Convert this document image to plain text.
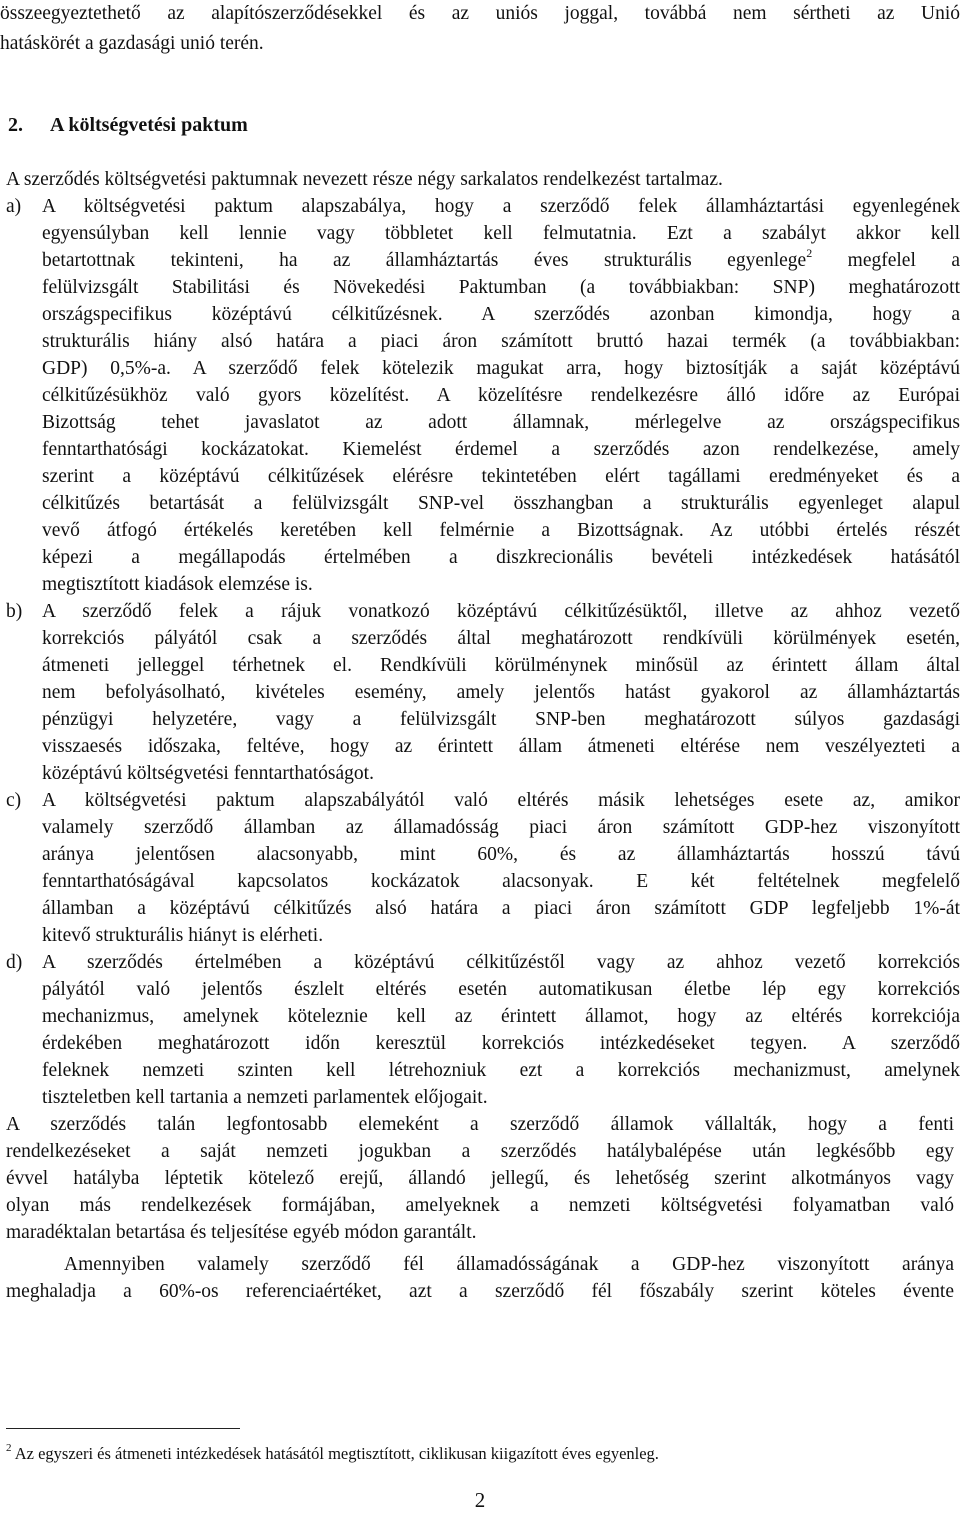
összeegyeztethető az alapítószerződésekkel és az uniós joggal, továbbá nem sértheti az Unió
hatáskörét a gazdasági unió terén.
2. A költségvetési paktum
A szerződés költségvetési paktumnak nevezett része négy sarkalatos rendelkezést tartalmaz.
a) A költségvetési paktum alapszabálya, hogy a szerződő felek államháztartási egyenlegének
egyensúlyban kell lennie vagy többletet kell felmutatnia. Ezt a szabályt akkor kell
betartottnak tekinteni, ha az államháztartás éves strukturális egyenlege$^2$ megfelel a
felülvizsgált Stabilitási és Növekedési Paktumban (a továbbiakban: SNP) meghatározott
országspecifikus középtávú célkitűzésnek. A szerződés azonban kimondja, hogy a
strukturális hiány alsó határa a piaci áron számított bruttó hazai termék (a továbbiakban:
GDP) 0,5%-a. A szerződő felek kötelezik magukat arra, hogy biztosítják a saját középtávú
célkitűzésükhöz való gyors közelítést. A közelítésre rendelkezésre álló időre az Európai
Bizottság tehet javaslatot az adott államnak, mérlegelve az országspecifikus
fenntarthatósági kockázatokat. Kiemelést érdemel a szerződés azon rendelkezése, amely
szerint a középtávú célkitűzések elérésre tekintetében elért tagállami eredményeket és a
célkitűzés betartását a felülvizsgált SNP-vel összhangban a strukturális egyenleget alapul
vevő átfogó értékelés keretében kell felmérnie a Bizottságnak. Az utóbbi értelés részét
képezi a megállapodás értelmében a diszkrecionális bevételi intézkedések hatásától
megtisztított kiadások elemzése is.
b) A szerződő felek a rájuk vonatkozó középtávú célkitűzésüktől, illetve az ahhoz vezető
korrekciós pályától csak a szerződés által meghatározott rendkívüli körülmények esetén,
átmeneti jelleggel térhetnek el. Rendkívüli körülménynek minősül az érintett állam által
nem befolyásolható, kivételes esemény, amely jelentős hatást gyakorol az államháztartás
pénzügyi helyzetére, vagy a felülvizsgált SNP-ben meghatározott súlyos gazdasági
visszaesés időszaka, feltéve, hogy az érintett állam átmeneti eltérése nem veszélyezteti a
középtávú költségvetési fenntarthatóságot.
c) A költségvetési paktum alapszabályától való eltérés másik lehetséges esete az, amikor
valamely szerződő államban az államadósság piaci áron számított GDP-hez viszonyított
aránya jelentősen alacsonyabb, mint 60%, és az államháztartás hosszú távú
fenntarthatóságával kapcsolatos kockázatok alacsonyak. E két feltételnek megfelelő
államban a középtávú célkitűzés alsó határa a piaci áron számított GDP legfeljebb 1%-át
kitevő strukturális hiányt is elérheti.
d) A szerződés értelmében a középtávú célkitűzéstől vagy az ahhoz vezető korrekciós
pályától való jelentős észlelt eltérés esetén automatikusan életbe lép egy korrekciós
mechanizmus, amelynek köteleznie kell az érintett államot, hogy az eltérés korrekciója
érdekében meghatározott időn keresztül korrekciós intézkedéseket tegyen. A szerződő
feleknek nemzeti szinten kell létrehozniuk ezt a korrekciós mechanizmust, amelynek
tiszteletben kell tartania a nemzeti parlamentek előjogait.
A szerződés talán legfontosabb elemeként a szerződő államok vállalták, hogy a fenti
rendelkezéseket a saját nemzeti jogukban a szerződés hatálybalépése után legkésőbb egy
évvel hatályba léptetik kötelező erejű, állandó jellegű, és lehetőség szerint alkotmányos vagy
olyan más rendelkezések formájában, amelyeknek a nemzeti költségvetési folyamatban való
maradéktalan betartása és teljesítése egyéb módon garantált.
Amennyiben valamely szerződő fél államadósságának a GDP-hez viszonyított aránya
meghaladja a 60%-os referenciaértéket, azt a szerződő fél főszabály szerint köteles évente
$^2$ Az egyszeri és átmeneti intézkedések hatásától megtisztított, ciklikusan kiigazított éves egyenleg.
2
